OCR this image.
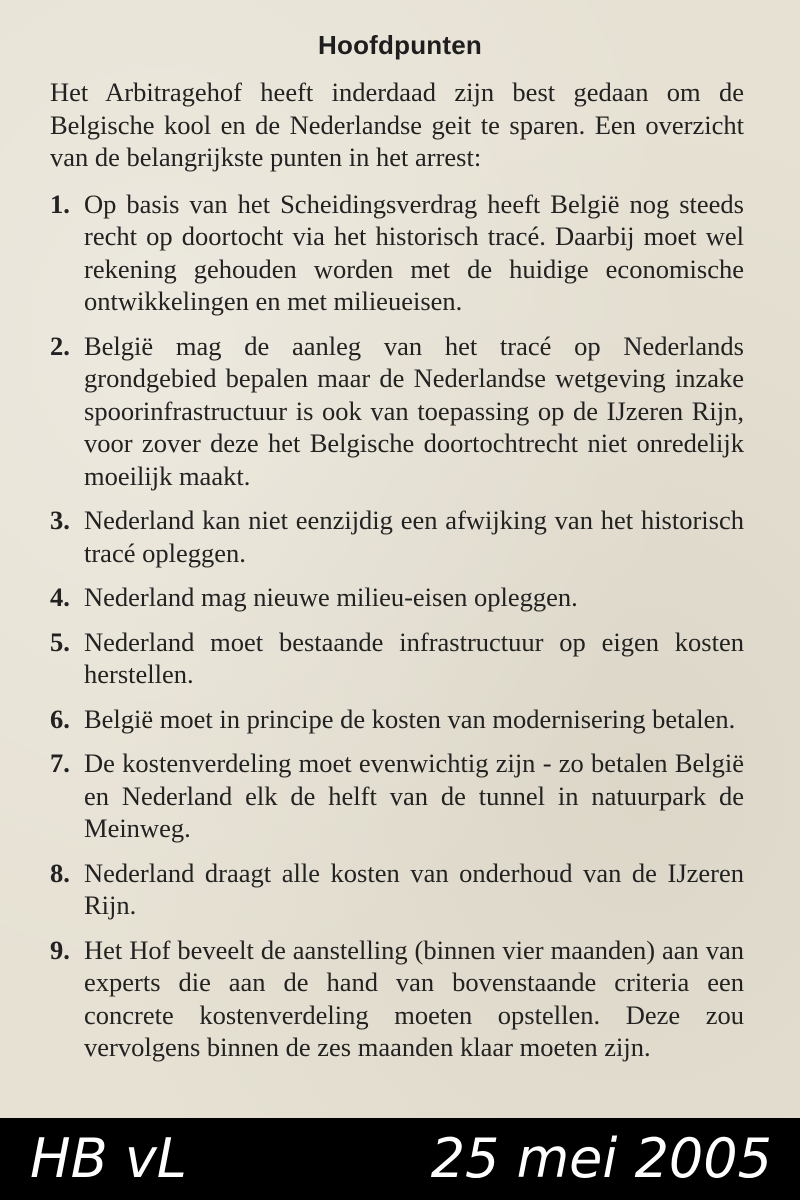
Hoofdpunten

Het Arbitragehof heeft inderdaad zijn best gedaan om de Belgische kool en de Nederlandse geit te sparen. Een overzicht van de belangrijkste punten in het arrest:

1. Op basis van het Scheidingsverdrag heeft België nog steeds recht op doortocht via het historisch tracé. Daarbij moet wel rekening gehouden worden met de huidige economische ontwikkelingen en met milieueisen.
2. België mag de aanleg van het tracé op Nederlands grondgebied bepalen maar de Nederlandse wetgeving inzake spoorinfrastructuur is ook van toepassing op de IJzeren Rijn, voor zover deze het Belgische doortochtrecht niet onredelijk moeilijk maakt.
3. Nederland kan niet eenzijdig een afwijking van het historisch tracé opleggen.
4. Nederland mag nieuwe milieu-eisen opleggen.
5. Nederland moet bestaande infrastructuur op eigen kosten herstellen.
6. België moet in principe de kosten van modernisering betalen.
7. De kostenverdeling moet evenwichtig zijn - zo betalen België en Nederland elk de helft van de tunnel in natuurpark de Meinweg.
8. Nederland draagt alle kosten van onderhoud van de IJzeren Rijn.
9. Het Hof beveelt de aanstelling (binnen vier maanden) aan van experts die aan de hand van bovenstaande criteria een concrete kostenverdeling moeten opstellen. Deze zou vervolgens binnen de zes maanden klaar moeten zijn.
HB vL	25 mei 2005
